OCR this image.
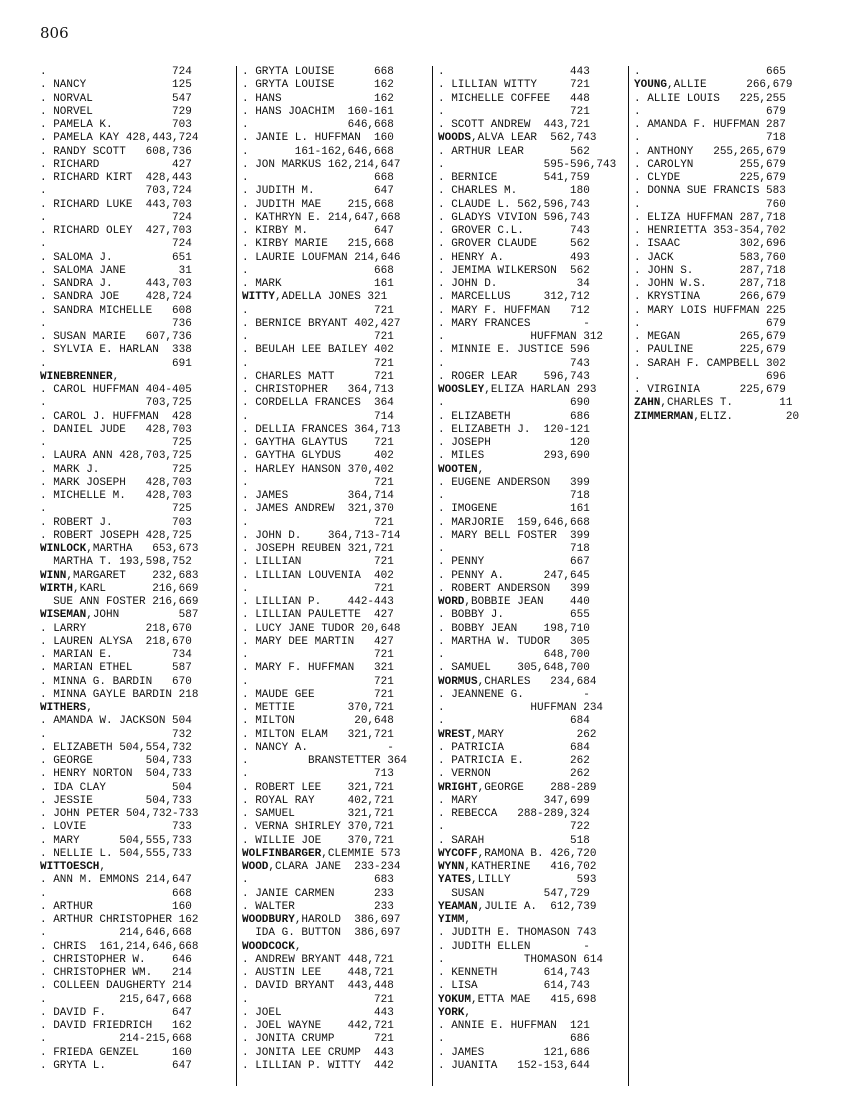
806
.                   724
. NANCY             125
. NORVAL            547
. NORVEL            729
. PAMELA K.         703
. PAMELA KAY 428,443,724
. RANDY SCOTT   608,736
. RICHARD           427
. RICHARD KIRT  428,443
.               703,724
. RICHARD LUKE  443,703
.                   724
. RICHARD OLEY  427,703
.                   724
. SALOMA J.         651
. SALOMA JANE        31
. SANDRA J.     443,703
. SANDRA JOE    428,724
. SANDRA MICHELLE   608
.                   736
. SUSAN MARIE   607,736
. SYLVIA E. HARLAN  338
.                   691
WINEBRENNER,
. CAROL HUFFMAN 404-405
.               703,725
. CAROL J. HUFFMAN  428
. DANIEL JUDE   428,703
.                   725
. LAURA ANN 428,703,725
. MARK J.           725
. MARK JOSEPH   428,703
. MICHELLE M.   428,703
.                   725
. ROBERT J.         703
. ROBERT JOSEPH 428,725
WINLOCK,MARTHA   653,673
MARTHA T. 193,598,752
WINN,MARGARET    232,683
WIRTH,KARL       216,669
SUE ANN FOSTER 216,669
WISEMAN,JOHN         587
. LARRY         218,670
. LAUREN ALYSA  218,670
. MARIAN E.         734
. MARIAN ETHEL      587
. MINNA G. BARDIN   670
. MINNA GAYLE BARDIN 218
WITHERS,
. AMANDA W. JACKSON 504
.                   732
. ELIZABETH 504,554,732
. GEORGE        504,733
. HENRY NORTON  504,733
. IDA CLAY          504
. JESSIE        504,733
. JOHN PETER 504,732-733
. LOVIE             733
. MARY      504,555,733
. NELLIE L. 504,555,733
WITTOESCH,
. ANN M. EMMONS 214,647
.                   668
. ARTHUR            160
. ARTHUR CHRISTOPHER 162
.           214,646,668
. CHRIS  161,214,646,668
. CHRISTOPHER W.    646
. CHRISTOPHER WM.   214
. COLLEEN DAUGHERTY 214
.           215,647,668
. DAVID F.          647
. DAVID FRIEDRICH   162
.           214-215,668
. FRIEDA GENZEL     160
. GRYTA L.          647
. GRYTA LOUISE      668
. GRYTA LOUISE      162
. HANS              162
. HANS JOACHIM  160-161
.               646,668
. JANIE L. HUFFMAN  160
.       161-162,646,668
. JON MARKUS 162,214,647
.                   668
. JUDITH M.         647
. JUDITH MAE    215,668
. KATHRYN E. 214,647,668
. KIRBY M.          647
. KIRBY MARIE   215,668
. LAURIE LOUFMAN 214,646
.                   668
. MARK              161
WITTY,ADELLA JONES 321
.                   721
. BERNICE BRYANT 402,427
.                   721
. BEULAH LEE BAILEY 402
.                   721
. CHARLES MATT      721
. CHRISTOPHER   364,713
. CORDELLA FRANCES  364
.                   714
. DELLIA FRANCES 364,713
. GAYTHA GLAYTUS    721
. GAYTHA GLYDUS     402
. HARLEY HANSON 370,402
.                   721
. JAMES         364,714
. JAMES ANDREW  321,370
.                   721
. JOHN D.    364,713-714
. JOSEPH REUBEN 321,721
. LILLIAN           721
. LILLIAN LOUVENIA  402
.                   721
. LILLIAN P.    442-443
. LILLIAN PAULETTE  427
. LUCY JANE TUDOR 20,648
. MARY DEE MARTIN   427
.                   721
. MARY F. HUFFMAN   321
.                   721
. MAUDE GEE         721
. METTIE        370,721
. MILTON         20,648
. MILTON ELAM   321,721
. NANCY A.            -
.         BRANSTETTER 364
.                   713
. ROBERT LEE    321,721
. ROYAL RAY     402,721
. SAMUEL        321,721
. VERNA SHIRLEY 370,721
. WILLIE JOE    370,721
WOLFINBARGER,CLEMMIE 573
WOOD,CLARA JANE  233-234
.                   683
. JANIE CARMEN      233
. WALTER            233
WOODBURY,HAROLD  386,697
IDA G. BUTTON  386,697
WOODCOCK,
. ANDREW BRYANT 448,721
. AUSTIN LEE    448,721
. DAVID BRYANT  443,448
.                   721
. JOEL              443
. JOEL WAYNE    442,721
. JONITA CRUMP      721
. JONITA LEE CRUMP  443
. LILLIAN P. WITTY  442
.                   443
. LILLIAN WITTY     721
. MICHELLE COFFEE   448
.                   721
. SCOTT ANDREW  443,721
WOODS,ALVA LEAR  562,743
. ARTHUR LEAR       562
.               595-596,743
. BERNICE       541,759
. CHARLES M.        180
. CLAUDE L. 562,596,743
. GLADYS VIVION 596,743
. GROVER C.L.       743
. GROVER CLAUDE     562
. HENRY A.          493
. JEMIMA WILKERSON  562
. JOHN D.            34
. MARCELLUS     312,712
. MARY F. HUFFMAN   712
. MARY FRANCES        -
.             HUFFMAN 312
. MINNIE E. JUSTICE 596
.                   743
. ROGER LEAR    596,743
WOOSLEY,ELIZA HARLAN 293
.                   690
. ELIZABETH         686
. ELIZABETH J.  120-121
. JOSEPH            120
. MILES         293,690
WOOTEN,
. EUGENE ANDERSON   399
.                   718
. IMOGENE           161
. MARJORIE  159,646,668
. MARY BELL FOSTER  399
.                   718
. PENNY             667
. PENNY A.      247,645
. ROBERT ANDERSON   399
WORD,BOBBIE JEAN    440
. BOBBY J.          655
. BOBBY JEAN    198,710
. MARTHA W. TUDOR   305
.               648,700
. SAMUEL    305,648,700
WORMUS,CHARLES   234,684
. JEANNENE G.         -
.             HUFFMAN 234
.                   684
WREST,MARY           262
. PATRICIA          684
. PATRICIA E.       262
. VERNON            262
WRIGHT,GEORGE    288-289
. MARY          347,699
. REBECCA   288-289,324
.                   722
. SARAH             518
WYCOFF,RAMONA B. 426,720
WYNN,KATHERINE   416,702
YATES,LILLY          593
SUSAN         547,729
YEAMAN,JULIE A.  612,739
YIMM,
. JUDITH E. THOMASON 743
. JUDITH ELLEN        -
.            THOMASON 614
. KENNETH       614,743
. LISA          614,743
YOKUM,ETTA MAE   415,698
YORK,
. ANNIE E. HUFFMAN  121
.                   686
. JAMES         121,686
. JUANITA   152-153,644
.                   665
YOUNG,ALLIE      266,679
. ALLIE LOUIS   225,255
.                   679
. AMANDA F. HUFFMAN 287
.                   718
. ANTHONY   255,265,679
. CAROLYN       255,679
. CLYDE         225,679
. DONNA SUE FRANCIS 583
.                   760
. ELIZA HUFFMAN 287,718
. HENRIETTA 353-354,702
. ISAAC         302,696
. JACK          583,760
. JOHN S.       287,718
. JOHN W.S.     287,718
. KRYSTINA      266,679
. MARY LOIS HUFFMAN 225
.                   679
. MEGAN         265,679
. PAULINE       225,679
. SARAH F. CAMPBELL 302
.                   696
. VIRGINIA      225,679
ZAHN,CHARLES T.       11
ZIMMERMAN,ELIZ.        20
